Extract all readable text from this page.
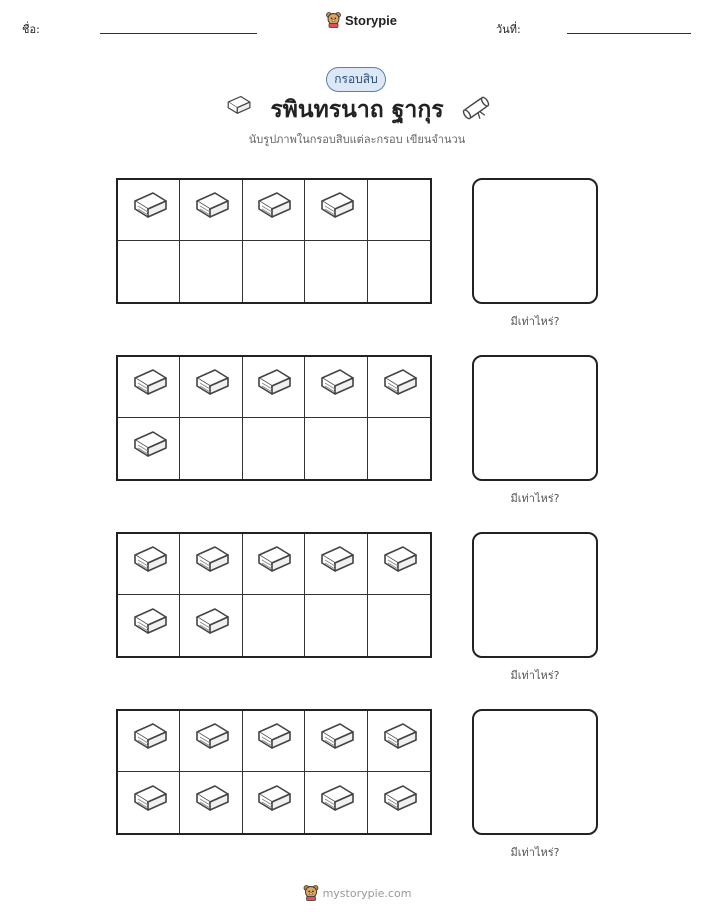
ชื่อ:
Storypie
วันที่:
กรอบสิบ
รพินทรนาถ ฐากุร
นับรูปภาพในกรอบสิบแต่ละกรอบ เขียนจำนวน
มีเท่าไหร่?
มีเท่าไหร่?
มีเท่าไหร่?
มีเท่าไหร่?
mystorypie.com
